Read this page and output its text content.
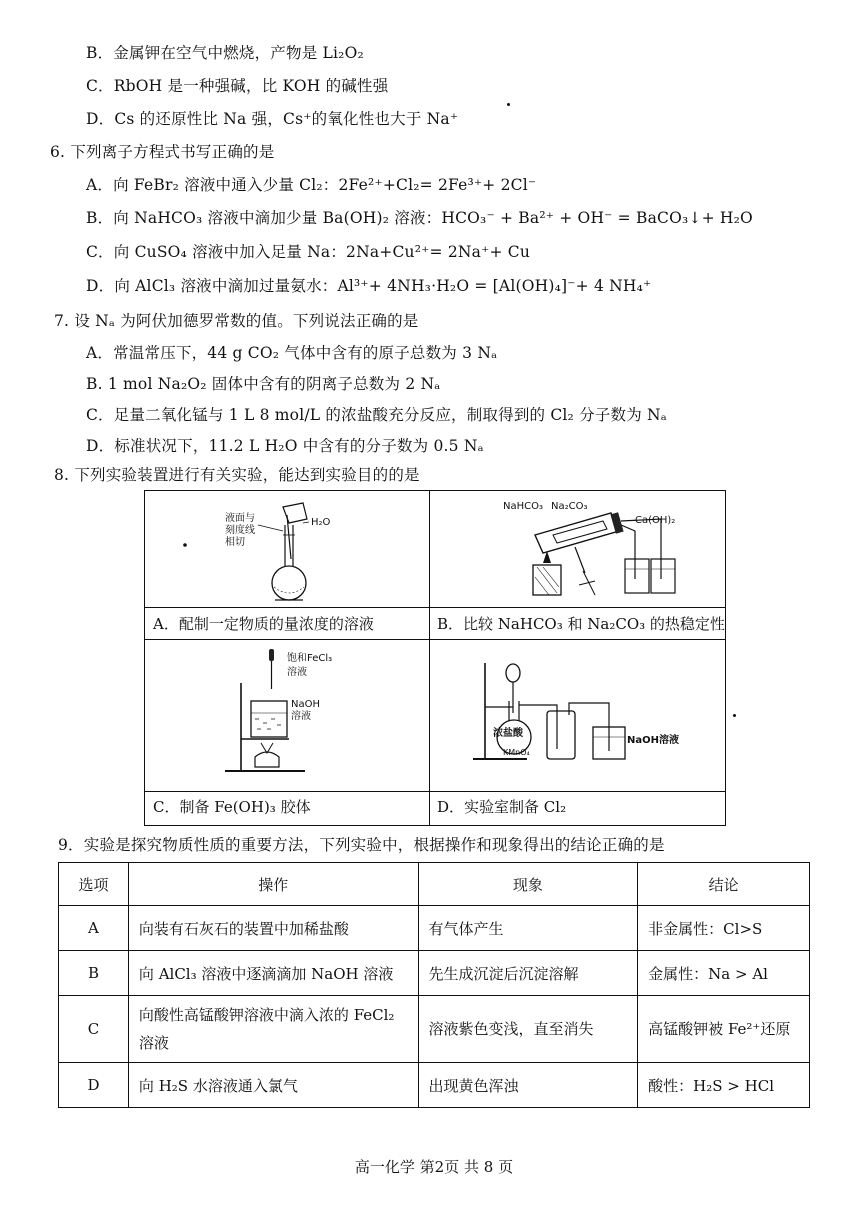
B．金属钾在空气中燃烧，产物是 Li₂O₂
C．RbOH 是一种强碱，比 KOH 的碱性强
D．Cs 的还原性比 Na 强，Cs⁺的氧化性也大于 Na⁺
6. 下列离子方程式书写正确的是
A．向 FeBr₂ 溶液中通入少量 Cl₂：2Fe²⁺+Cl₂= 2Fe³⁺+ 2Cl⁻
B．向 NaHCO₃ 溶液中滴加少量 Ba(OH)₂ 溶液：HCO₃⁻ + Ba²⁺ + OH⁻ = BaCO₃↓+ H₂O
C．向 CuSO₄ 溶液中加入足量 Na：2Na+Cu²⁺= 2Na⁺+ Cu
D．向 AlCl₃ 溶液中滴加过量氨水：Al³⁺+ 4NH₃·H₂O = [Al(OH)₄]⁻+ 4 NH₄⁺
7. 设 Nₐ 为阿伏加德罗常数的值。下列说法正确的是
A．常温常压下，44 g CO₂ 气体中含有的原子总数为 3 Nₐ
B. 1 mol Na₂O₂ 固体中含有的阴离子总数为 2 Nₐ
C．足量二氧化锰与 1 L 8 mol/L 的浓盐酸充分反应，制取得到的 Cl₂ 分子数为 Nₐ
D．标准状况下，11.2 L H₂O 中含有的分子数为 0.5 Nₐ
8. 下列实验装置进行有关实验，能达到实验目的的是
A．配制一定物质的量浓度的溶液	B．比较 NaHCO₃ 和 Na₂CO₃ 的热稳定性
C．制备 Fe(OH)₃ 胶体	D．实验室制备 Cl₂
液面与
刻度线
相切
H₂O
NaHCO₃ Na₂CO₃
Ca(OH)₂
饱和FeCl₃
溶液
NaOH
溶液
浓盐酸
KMnO₄
NaOH溶液
9．实验是探究物质性质的重要方法，下列实验中，根据操作和现象得出的结论正确的是
选项	操作	现象	结论
A	向装有石灰石的装置中加稀盐酸	有气体产生	非金属性：Cl>S
B	向 AlCl₃ 溶液中逐滴滴加 NaOH 溶液	先生成沉淀后沉淀溶解	金属性：Na > Al
C	向酸性高锰酸钾溶液中滴入浓的 FeCl₂ 溶液	溶液紫色变浅，直至消失	高锰酸钾被 Fe²⁺还原
D	向 H₂S 水溶液通入氯气	出现黄色浑浊	酸性：H₂S > HCl
高一化学 第2页 共 8 页
